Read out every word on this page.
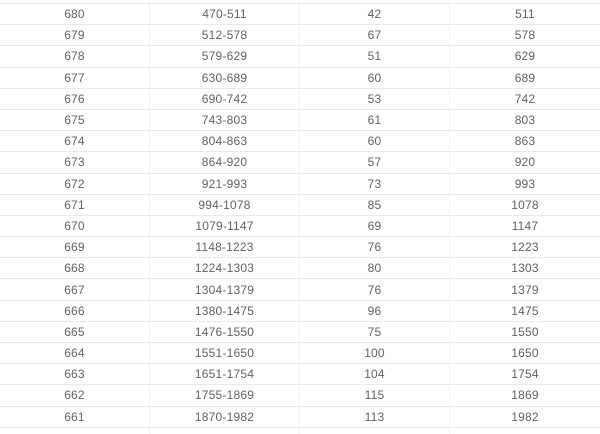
680	470-511	42	511
679	512-578	67	578
678	579-629	51	629
677	630-689	60	689
676	690-742	53	742
675	743-803	61	803
674	804-863	60	863
673	864-920	57	920
672	921-993	73	993
671	994-1078	85	1078
670	1079-1147	69	1147
669	1148-1223	76	1223
668	1224-1303	80	1303
667	1304-1379	76	1379
666	1380-1475	96	1475
665	1476-1550	75	1550
664	1551-1650	100	1650
663	1651-1754	104	1754
662	1755-1869	115	1869
661	1870-1982	113	1982
